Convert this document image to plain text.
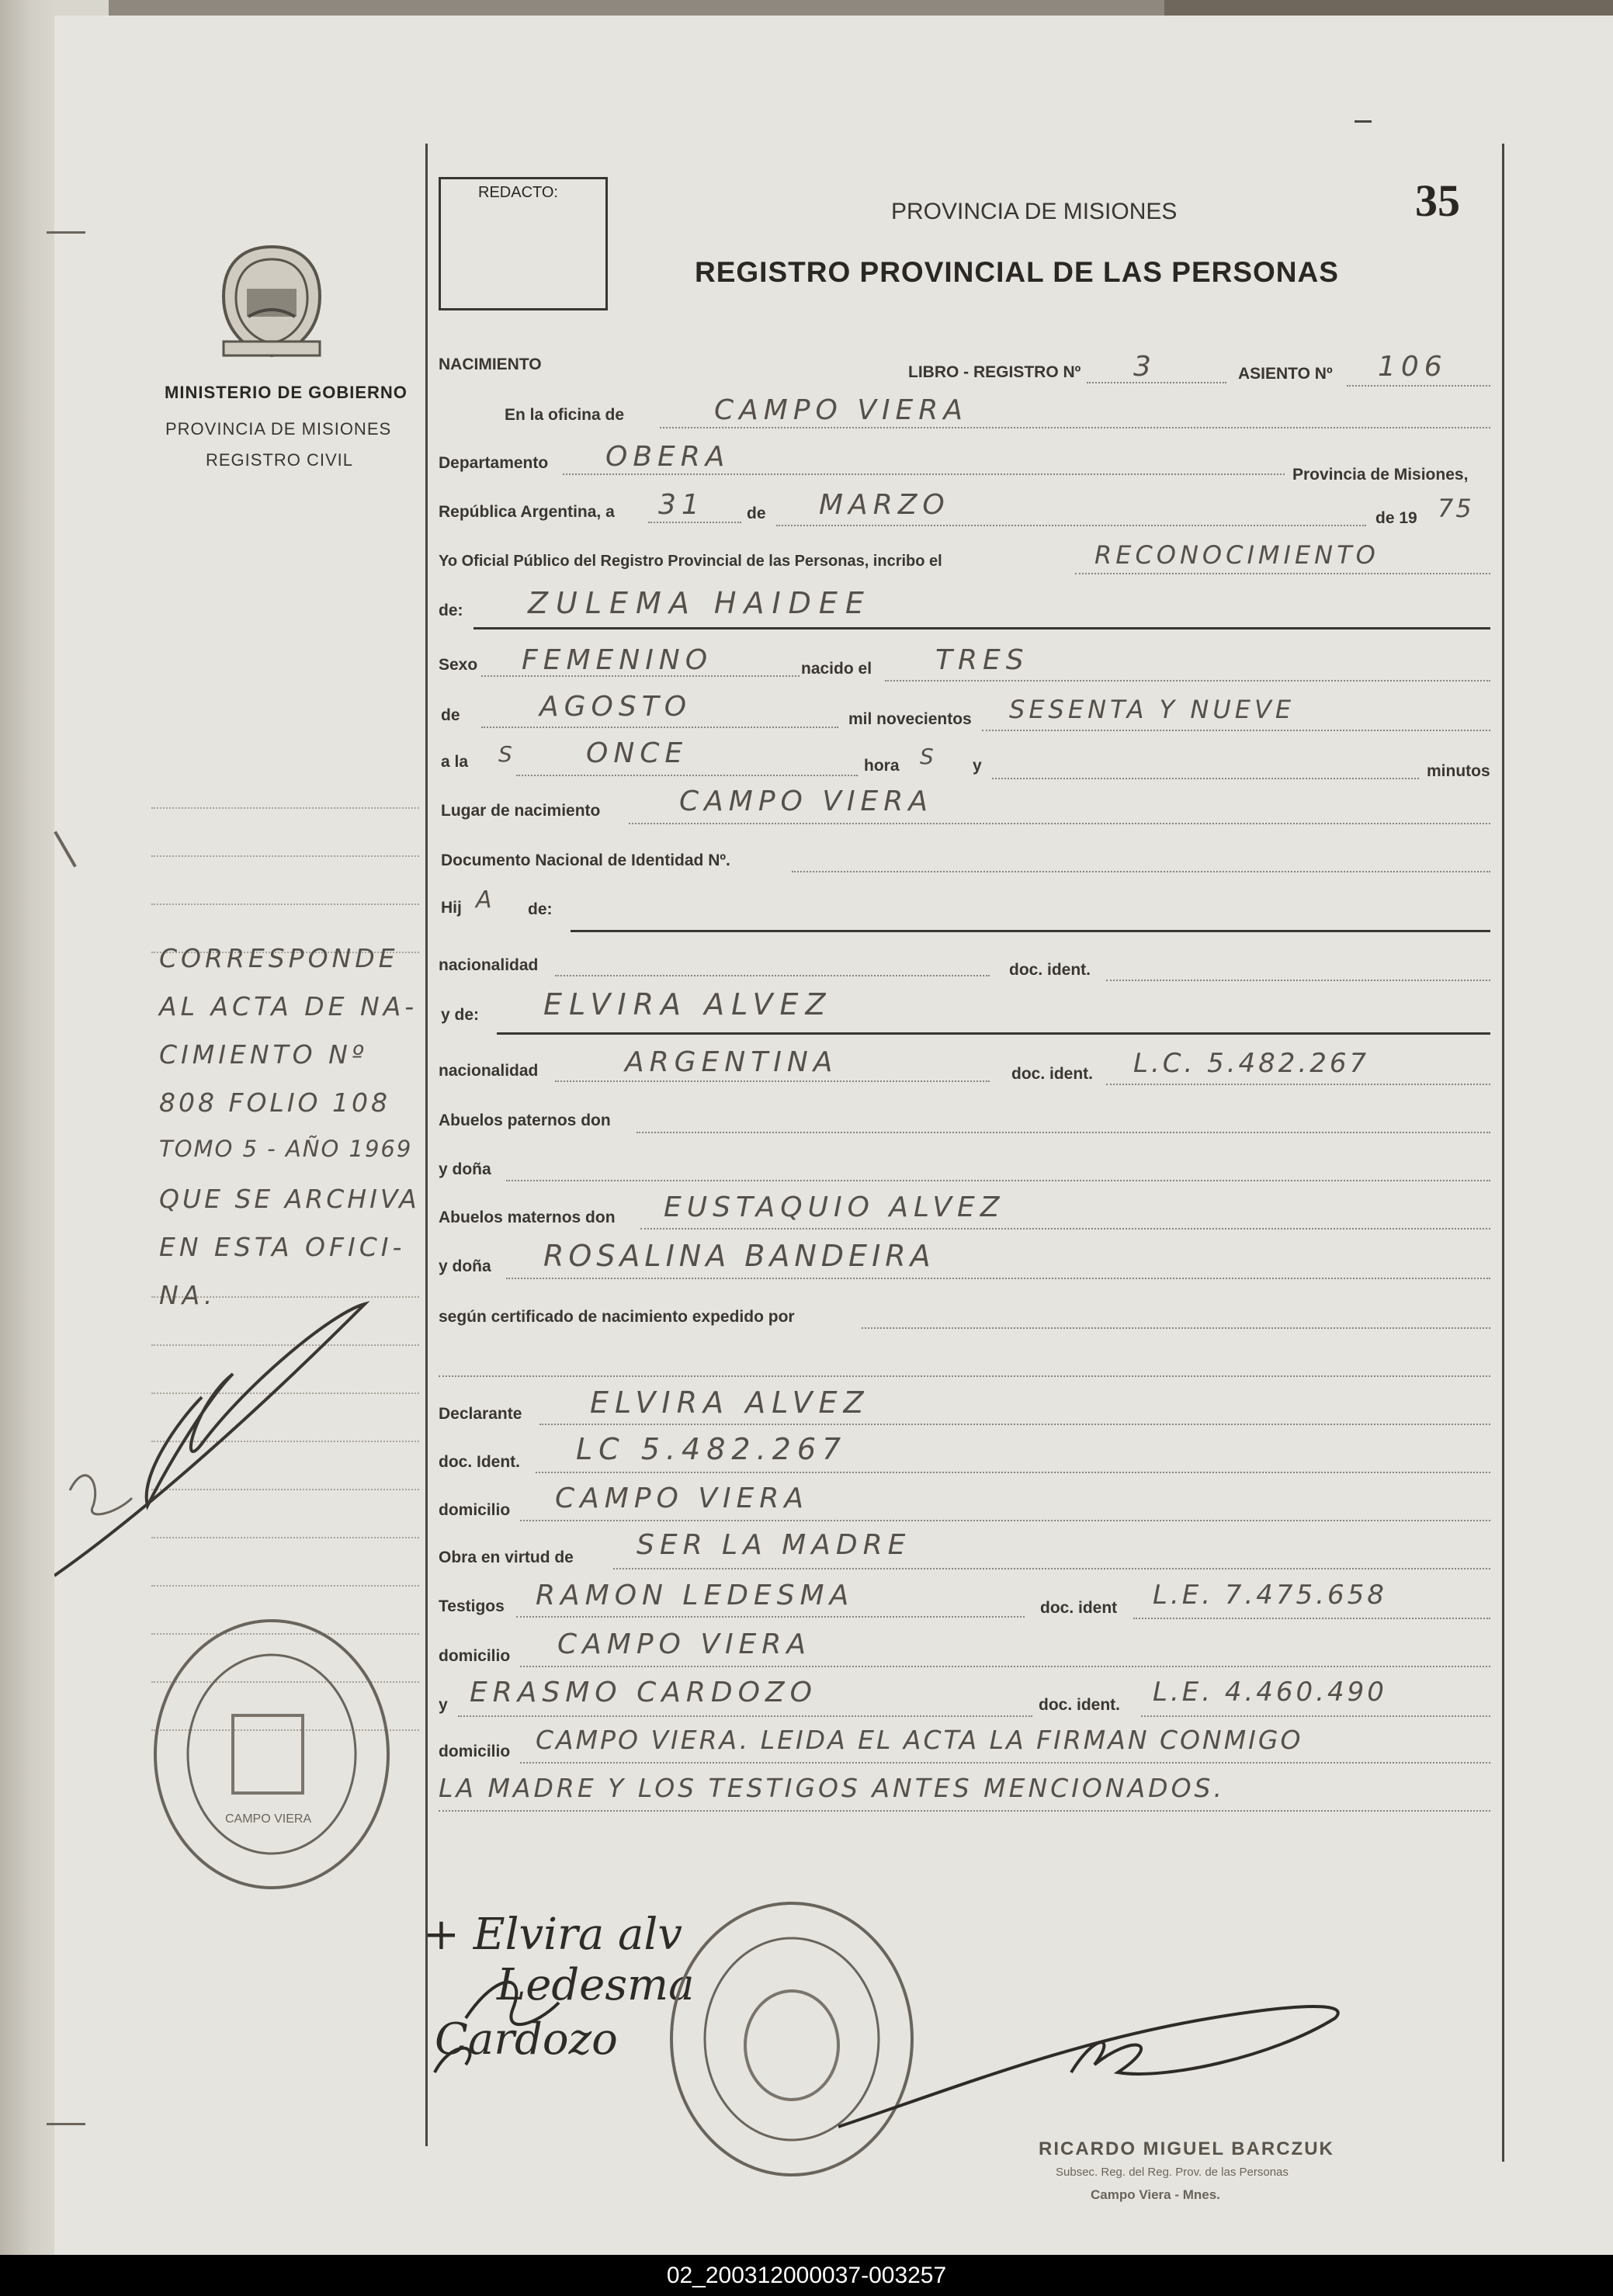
REDACTO:
PROVINCIA DE MISIONES	35
REGISTRO PROVINCIAL DE LAS PERSONAS
MINISTERIO DE GOBIERNO
PROVINCIA DE MISIONES
REGISTRO CIVIL
CORRESPONDE
AL ACTA DE NA-
CIMIENTO Nº
808 FOLIO 108
TOMO 5 - AÑO 1969
QUE SE ARCHIVA
EN ESTA OFICI-
NA.
CAMPO VIERA
NACIMIENTO	LIBRO - REGISTRO Nº 3	ASIENTO Nº 106
En la oficina de	CAMPO VIERA
Departamento OBERA
Provincia de Misiones,
República Argentina, a 31	de MARZO	de 19 75
Yo Oficial Público del Registro Provincial de las Personas, incribo el	RECONOCIMIENTO
de: ZULEMA HAIDEE
Sexo FEMENINO	nacido el TRES
de	AGOSTO	mil novecientos SESENTA Y NUEVE
a la S ONCE	hora S y	minutos
Lugar de nacimiento	CAMPO VIERA
Documento Nacional de Identidad Nº.
Hij A de:
nacionalidad	doc. ident.
y de: ELVIRA ALVEZ
nacionalidad	ARGENTINA	doc. ident. L.C. 5.482.267
Abuelos paternos don
y doña
Abuelos maternos don EUSTAQUIO ALVEZ
y doña ROSALINA BANDEIRA
según certificado de nacimiento expedido por
Declarante ELVIRA ALVEZ
doc. Ident. LC 5.482.267
domicilio CAMPO VIERA
Obra en virtud de SER LA MADRE
Testigos RAMON LEDESMA	doc. ident L.E. 7.475.658
domicilio CAMPO VIERA
y ERASMO CARDOZO	doc. ident. L.E. 4.460.490
domicilio CAMPO VIERA. LEIDA EL ACTA LA FIRMAN CONMIGO
LA MADRE Y LOS TESTIGOS ANTES MENCIONADOS.
+ Elvira alv
Ledesma
Cardozo
RICARDO MIGUEL BARCZUK
Subsec. Reg. del Reg. Prov. de las Personas
Campo Viera - Mnes.
02_200312000037-003257
